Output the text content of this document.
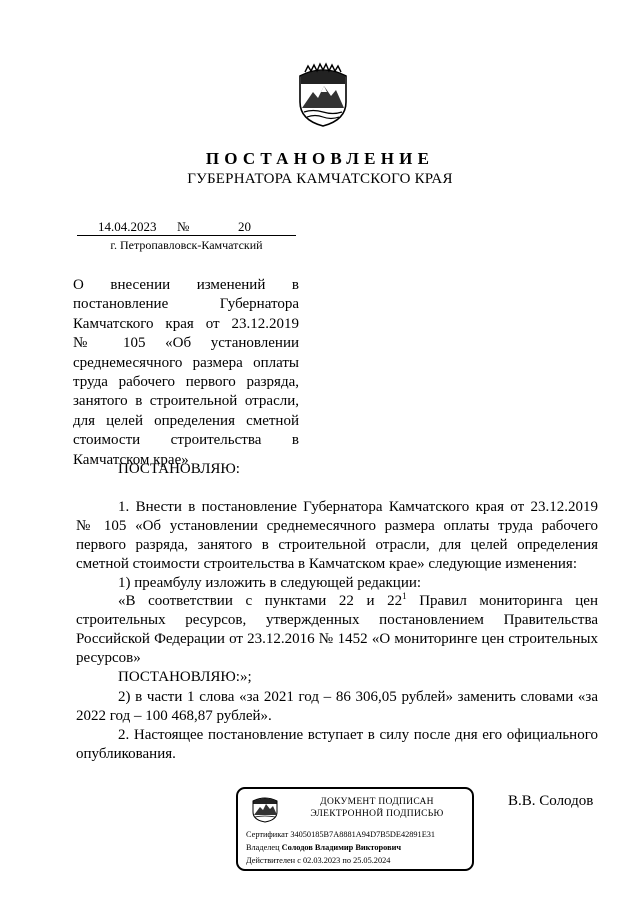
ПОСТАНОВЛЕНИЕ
ГУБЕРНАТОРА КАМЧАТСКОГО КРАЯ
14.04.2023 №	20
г. Петропавловск-Камчатский
О внесении изменений в
постановление Губернатора
Камчатского края от 23.12.2019
№ 105 «Об установлении
среднемесячного размера оплаты
труда рабочего первого разряда,
занятого в строительной отрасли,
для целей определения сметной
стоимости строительства в
Камчатском крае»
ПОСТАНОВЛЯЮ:
1. Внести в постановление Губернатора Камчатского края от 23.12.2019
№ 105 «Об установлении среднемесячного размера оплаты труда рабочего
первого разряда, занятого в строительной отрасли, для целей определения
сметной стоимости строительства в Камчатском крае» следующие изменения:
1) преамбулу изложить в следующей редакции:
«В соответствии с пунктами 22 и $22^1$ Правил мониторинга цен
строительных ресурсов, утвержденных постановлением Правительства
Российской Федерации от 23.12.2016 № 1452 «О мониторинге цен строительных
ресурсов»
ПОСТАНОВЛЯЮ:»;
2) в части 1 слова «за 2021 год – 86 306,05 рублей» заменить словами «за
2022 год – 100 468,87 рублей».
2. Настоящее постановление вступает в силу после дня его официального
опубликования.
В.В. Солодов
ДОКУМЕНТ ПОДПИСАН
ЭЛЕКТРОННОЙ ПОДПИСЬЮ
Сертификат 34050185B7A8881A94D7B5DE42891E31
Владелец Солодов Владимир Викторович
Действителен с 02.03.2023 по 25.05.2024
